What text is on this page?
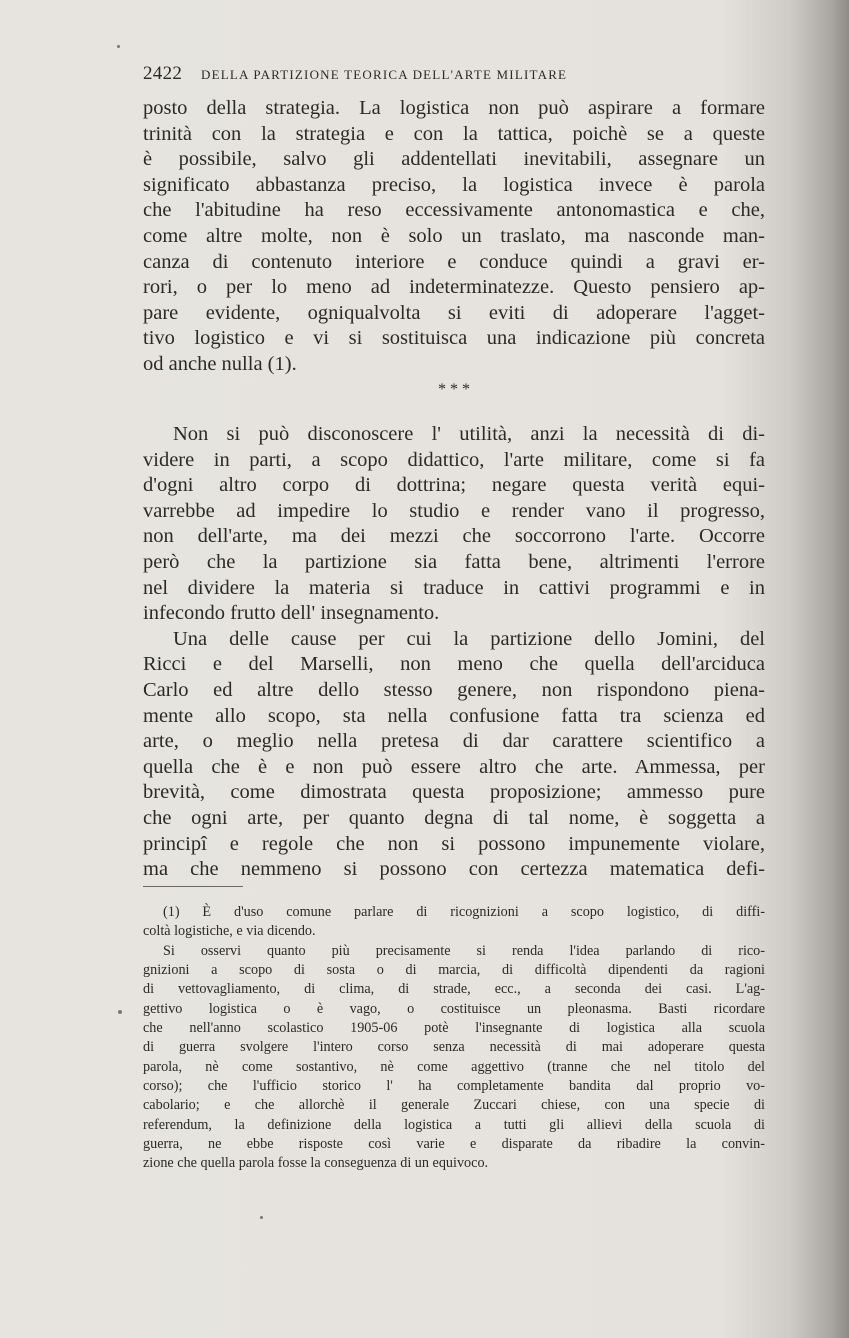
2422 DELLA PARTIZIONE TEORICA DELL'ARTE MILITARE
posto della strategia. La logistica non può aspirare a formare
trinità con la strategia e con la tattica, poichè se a queste
è possibile, salvo gli addentellati inevitabili, assegnare un
significato abbastanza preciso, la logistica invece è parola
che l'abitudine ha reso eccessivamente antonomastica e che,
come altre molte, non è solo un traslato, ma nasconde man-
canza di contenuto interiore e conduce quindi a gravi er-
rori, o per lo meno ad indeterminatezze. Questo pensiero ap-
pare evidente, ogniqualvolta si eviti di adoperare l'agget-
tivo logistico e vi si sostituisca una indicazione più concreta
od anche nulla (1).
* * *
Non si può disconoscere l' utilità, anzi la necessità di di-
videre in parti, a scopo didattico, l'arte militare, come si fa
d'ogni altro corpo di dottrina; negare questa verità equi-
varrebbe ad impedire lo studio e render vano il progresso,
non dell'arte, ma dei mezzi che soccorrono l'arte. Occorre
però che la partizione sia fatta bene, altrimenti l'errore
nel dividere la materia si traduce in cattivi programmi e in
infecondo frutto dell' insegnamento.
Una delle cause per cui la partizione dello Jomini, del
Ricci e del Marselli, non meno che quella dell'arciduca
Carlo ed altre dello stesso genere, non rispondono piena-
mente allo scopo, sta nella confusione fatta tra scienza ed
arte, o meglio nella pretesa di dar carattere scientifico a
quella che è e non può essere altro che arte. Ammessa, per
brevità, come dimostrata questa proposizione; ammesso pure
che ogni arte, per quanto degna di tal nome, è soggetta a
principî e regole che non si possono impunemente violare,
ma che nemmeno si possono con certezza matematica defi-
(1) È d'uso comune parlare di ricognizioni a scopo logistico, di diffi-
coltà logistiche, e via dicendo.
Si osservi quanto più precisamente si renda l'idea parlando di rico-
gnizioni a scopo di sosta o di marcia, di difficoltà dipendenti da ragioni
di vettovagliamento, di clima, di strade, ecc., a seconda dei casi. L'ag-
gettivo logistica o è vago, o costituisce un pleonasma. Basti ricordare
che nell'anno scolastico 1905-06 potè l'insegnante di logistica alla scuola
di guerra svolgere l'intero corso senza necessità di mai adoperare questa
parola, nè come sostantivo, nè come aggettivo (tranne che nel titolo del
corso); che l'ufficio storico l' ha completamente bandita dal proprio vo-
cabolario; e che allorchè il generale Zuccari chiese, con una specie di
referendum, la definizione della logistica a tutti gli allievi della scuola di
guerra, ne ebbe risposte così varie e disparate da ribadire la convin-
zione che quella parola fosse la conseguenza di un equivoco.
